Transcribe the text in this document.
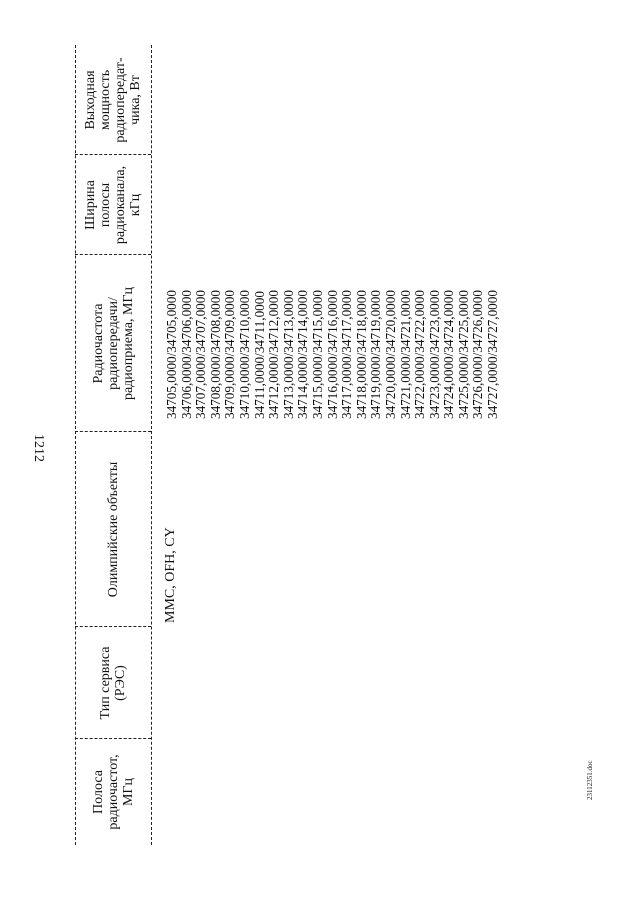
1212
23112351.doc
Полоса радиочастот, МГц
Тип сервиса (РЭС)
Олимпийские объекты
Радиочастота радиопередачи/ радиоприема, МГц
Ширина полосы радиоканала, кГц
Выходная мощность радиопередат- чика, Вт
MMC, OFH, CY
34705,0000/34705,0000 34706,0000/34706,0000 34707,0000/34707,0000 34708,0000/34708,0000 34709,0000/34709,0000 34710,0000/34710,0000 34711,0000/34711,0000 34712,0000/34712,0000 34713,0000/34713,0000 34714,0000/34714,0000 34715,0000/34715,0000 34716,0000/34716,0000 34717,0000/34717,0000 34718,0000/34718,0000 34719,0000/34719,0000 34720,0000/34720,0000 34721,0000/34721,0000 34722,0000/34722,0000 34723,0000/34723,0000 34724,0000/34724,0000 34725,0000/34725,0000 34726,0000/34726,0000 34727,0000/34727,0000
